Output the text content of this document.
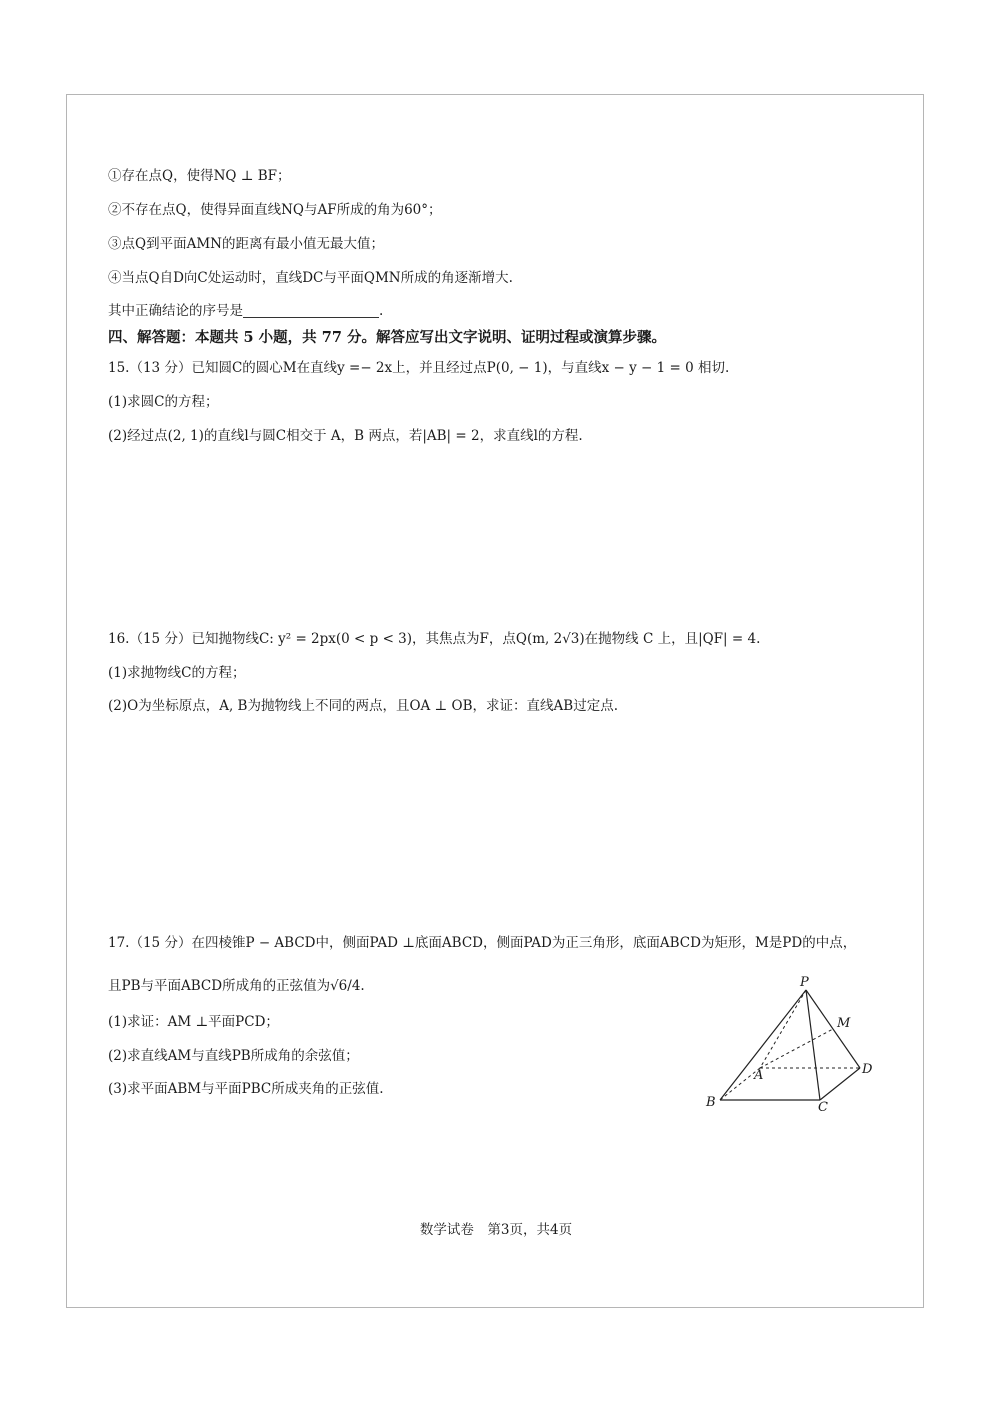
①存在点Q，使得NQ ⊥ BF；
②不存在点Q，使得异面直线NQ与AF所成的角为60°；
③点Q到平面AMN的距离有最小值无最大值；
④当点Q自D向C处运动时，直线DC与平面QMN所成的角逐渐增大.
其中正确结论的序号是	.
四、解答题：本题共 5 小题，共 77 分。解答应写出文字说明、证明过程或演算步骤。
15.（13 分）已知圆C的圆心M在直线y =− 2x上，并且经过点P(0, − 1)，与直线x − y − 1 = 0 相切.
(1)求圆C的方程；
(2)经过点(2, 1)的直线l与圆C相交于 A，B 两点，若|AB| = 2，求直线l的方程.
16.（15 分）已知抛物线C: y² = 2px(0 < p < 3)，其焦点为F，点Q(m, 2√3)在抛物线 C 上，且|QF| = 4.
(1)求抛物线C的方程；
(2)O为坐标原点，A, B为抛物线上不同的两点，且OA ⊥ OB，求证：直线AB过定点.
17.（15 分）在四棱锥P − ABCD中，侧面PAD ⊥底面ABCD，侧面PAD为正三角形，底面ABCD为矩形，M是PD的中点，
且PB与平面ABCD所成角的正弦值为√6/4.
(1)求证：AM ⊥平面PCD；
(2)求直线AM与直线PB所成角的余弦值；
(3)求平面ABM与平面PBC所成夹角的正弦值.
P
M
A	D
B	C
数学试卷　第3页，共4页
